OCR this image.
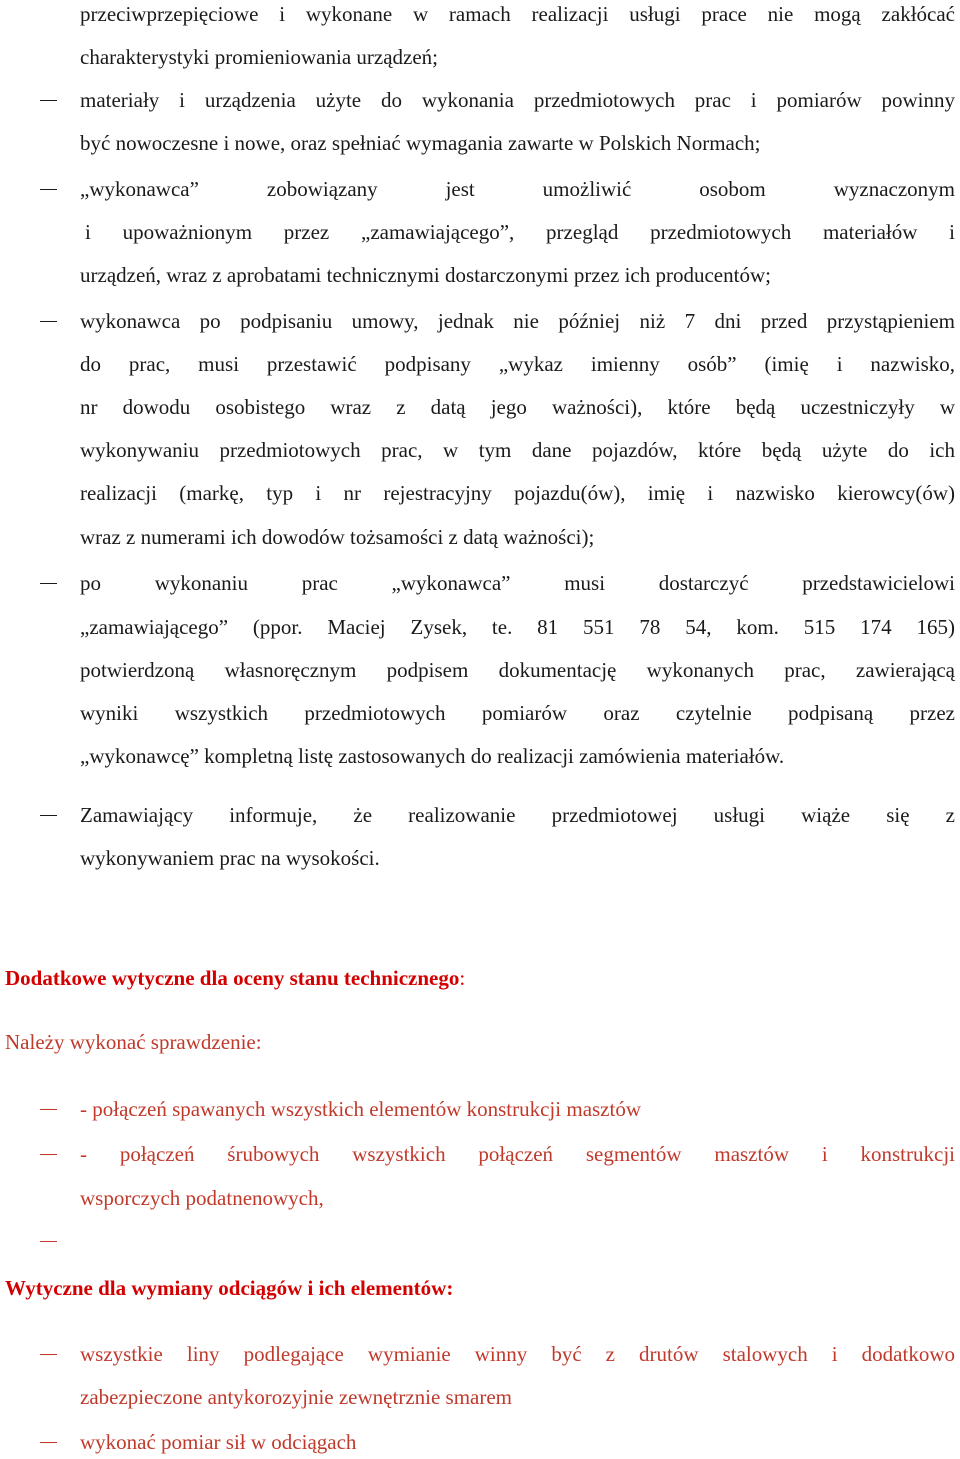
przeciwprzepięciowe i wykonane w ramach realizacji usługi prace nie mogą zakłócać
charakterystyki promieniowania urządzeń;
materiały i urządzenia użyte do wykonania przedmiotowych prac i pomiarów powinny
być nowoczesne i nowe, oraz spełniać wymagania zawarte w Polskich Normach;
„wykonawca” zobowiązany jest umożliwić osobom wyznaczonym
i upoważnionym przez „zamawiającego”, przegląd przedmiotowych materiałów i
urządzeń, wraz z aprobatami technicznymi dostarczonymi przez ich producentów;
wykonawca po podpisaniu umowy, jednak nie później niż 7 dni przed przystąpieniem
do prac, musi przestawić podpisany „wykaz imienny osób” (imię i nazwisko,
nr dowodu osobistego wraz z datą jego ważności), które będą uczestniczyły w
wykonywaniu przedmiotowych prac, w tym dane pojazdów, które będą użyte do ich
realizacji (markę, typ i nr rejestracyjny pojazdu(ów), imię i nazwisko kierowcy(ów)
wraz z numerami ich dowodów tożsamości z datą ważności);
po wykonaniu prac „wykonawca” musi dostarczyć przedstawicielowi
„zamawiającego” (ppor. Maciej Zysek, te. 81 551 78 54, kom. 515 174 165)
potwierdzoną własnoręcznym podpisem dokumentację wykonanych prac, zawierającą
wyniki wszystkich przedmiotowych pomiarów oraz czytelnie podpisaną przez
„wykonawcę” kompletną listę zastosowanych do realizacji zamówienia materiałów.
Zamawiający informuje, że realizowanie przedmiotowej usługi wiąże się z
wykonywaniem prac na wysokości.
Dodatkowe wytyczne dla oceny stanu technicznego:
Należy wykonać sprawdzenie:
- połączeń spawanych wszystkich elementów konstrukcji masztów
- połączeń śrubowych wszystkich połączeń segmentów masztów i konstrukcji
wsporczych podatnenowych,
Wytyczne dla wymiany odciągów i ich elementów:
wszystkie liny podlegające wymianie winny być z drutów stalowych i dodatkowo
zabezpieczone antykorozyjnie zewnętrznie smarem
wykonać pomiar sił w odciągach
